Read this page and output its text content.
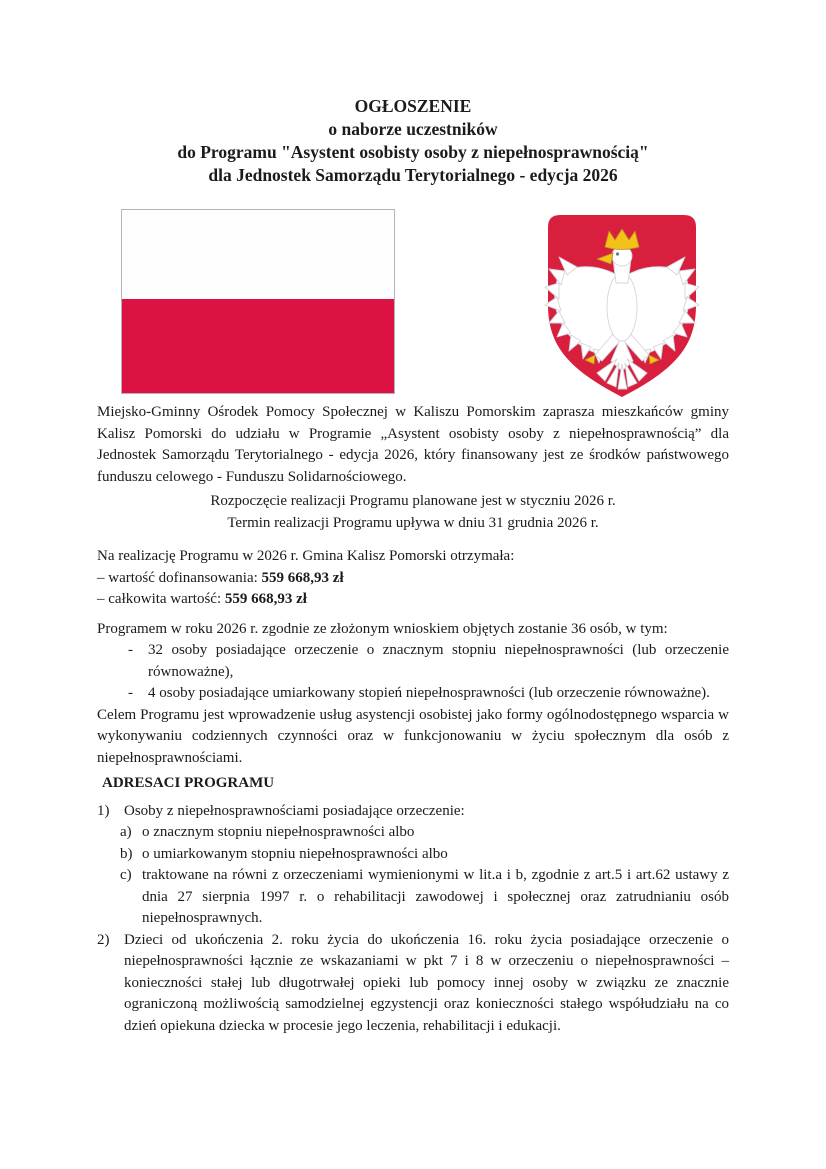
OGŁOSZENIE
o naborze uczestników
do Programu "Asystent osobisty osoby z niepełnosprawnością"
dla Jednostek Samorządu Terytorialnego - edycja 2026

Miejsko-Gminny Ośrodek Pomocy Społecznej w Kaliszu Pomorskim zaprasza mieszkańców gminy Kalisz Pomorski do udziału w Programie „Asystent osobisty osoby z niepełnosprawnością” dla Jednostek Samorządu Terytorialnego - edycja 2026, który finansowany jest ze środków państwowego funduszu celowego - Funduszu Solidarnościowego.

Rozpoczęcie realizacji Programu planowane jest w styczniu 2026 r.
Termin realizacji Programu upływa w dniu 31 grudnia 2026 r.
Na realizację Programu w 2026 r. Gmina Kalisz Pomorski otrzymała:
– wartość dofinansowania: 559 668,93 zł
– całkowita wartość: 559 668,93 zł
Programem w roku 2026 r. zgodnie ze złożonym wnioskiem objętych zostanie 36 osób, w tym:
-	32 osoby posiadające orzeczenie o znacznym stopniu niepełnosprawności (lub orzeczenie równoważne),
-	4 osoby posiadające umiarkowany stopień niepełnosprawności (lub orzeczenie równoważne).

Celem Programu jest wprowadzenie usług asystencji osobistej jako formy ogólnodostępnego wsparcia w wykonywaniu codziennych czynności oraz w funkcjonowaniu w życiu społecznym dla osób z niepełnosprawnościami.

ADRESACI PROGRAMU
1) Osoby z niepełnosprawnościami posiadające orzeczenie:
a) o znacznym stopniu niepełnosprawności albo
b) o umiarkowanym stopniu niepełnosprawności albo
c) traktowane na równi z orzeczeniami wymienionymi w lit.a i b, zgodnie z art.5 i art.62 ustawy z dnia 27 sierpnia 1997 r. o rehabilitacji zawodowej i społecznej oraz zatrudnianiu osób niepełnosprawnych.
2) Dzieci od ukończenia 2. roku życia do ukończenia 16. roku życia posiadające orzeczenie o niepełnosprawności łącznie ze wskazaniami w pkt 7 i 8 w orzeczeniu o niepełnosprawności – konieczności stałej lub długotrwałej opieki lub pomocy innej osoby w związku ze znacznie ograniczoną możliwością samodzielnej egzystencji oraz konieczności stałego współudziału na co dzień opiekuna dziecka w procesie jego leczenia, rehabilitacji i edukacji.
